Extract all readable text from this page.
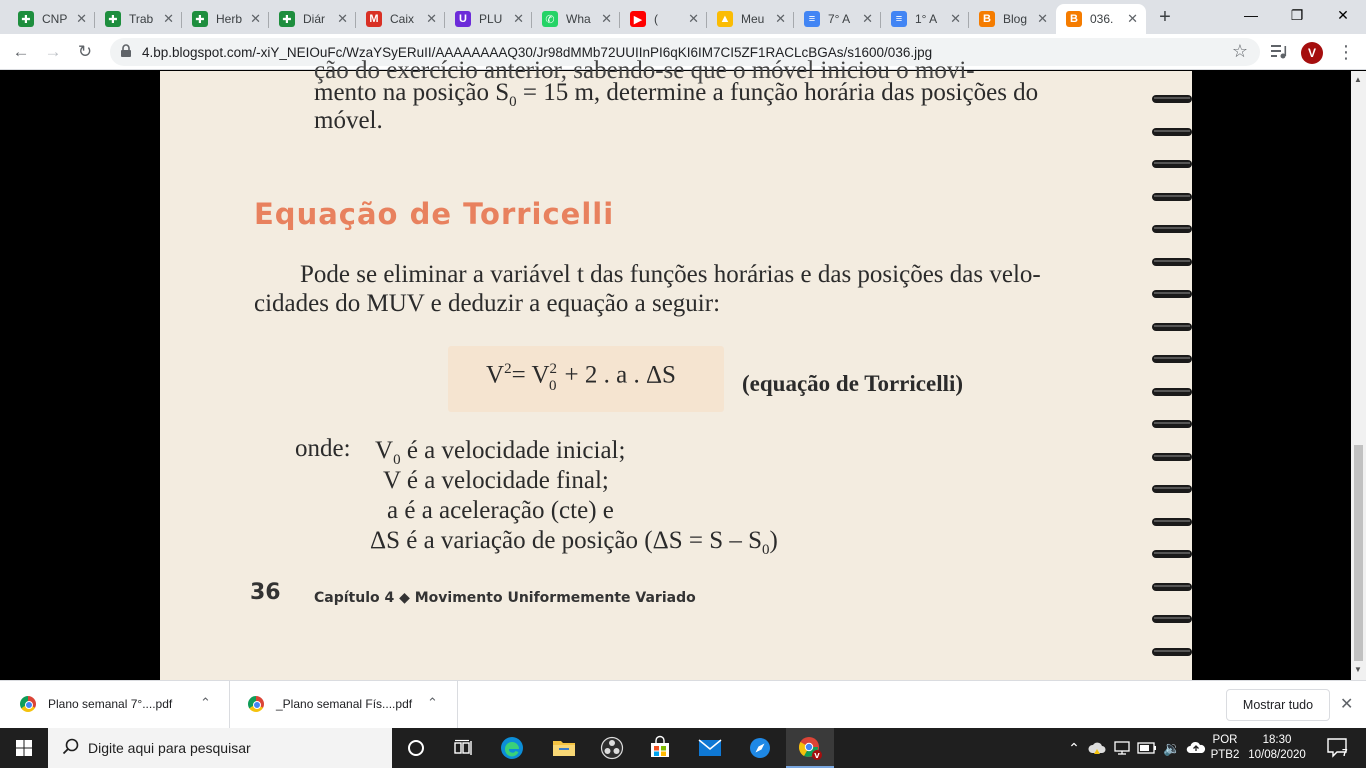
✚ CNP ✕	✚ Trab ✕	✚ Herb ✕	✚ Diár ✕	M Caix ✕	U	PLU ✕	✆ Wha ✕	▶ (	✕ ▲ Meu ✕	≡	7° A ✕	≡	1° A ✕	B	Blog ✕	B	036.	✕	+	—	❐	✕
← → ↻	4.bp.blogspot.com/-xiY_NEIOuFc/WzaYSyERuII/AAAAAAAAQ30/Jr98dMMb72UUIInPI6qKI6IM7CI5ZF1RACLcBGAs/s1600/036.jpg	☆	V	⋮
ção do exercício anterior, sabendo-se que o móvel iniciou o movi-
mento na posição $S_0 = 15$ m, determine a função horária das posições do
móvel.
Equação de Torricelli
Pode se eliminar a variável t das funções horárias e das posições das velo-
cidades do MUV e deduzir a equação a seguir:
$V^2= V^2_0 + 2$ . a . ΔS	(equação de Torricelli)
onde: $V_0$ é a velocidade inicial;
V é a velocidade final;
a é a aceleração (cte) e
ΔS é a variação de posição $(\Delta S = S - S_0)$
36 Capítulo 4 ◆ Movimento Uniformemente Variado
▲
▼
Plano semanal 7°....pdf ⌃	_Plano semanal Fís....pdf ⌃	Mostrar tudo	✕
Digite aqui para pesquisar	V
⌃	🔉	POR
PTB2
18:30
10/08/2020	7
